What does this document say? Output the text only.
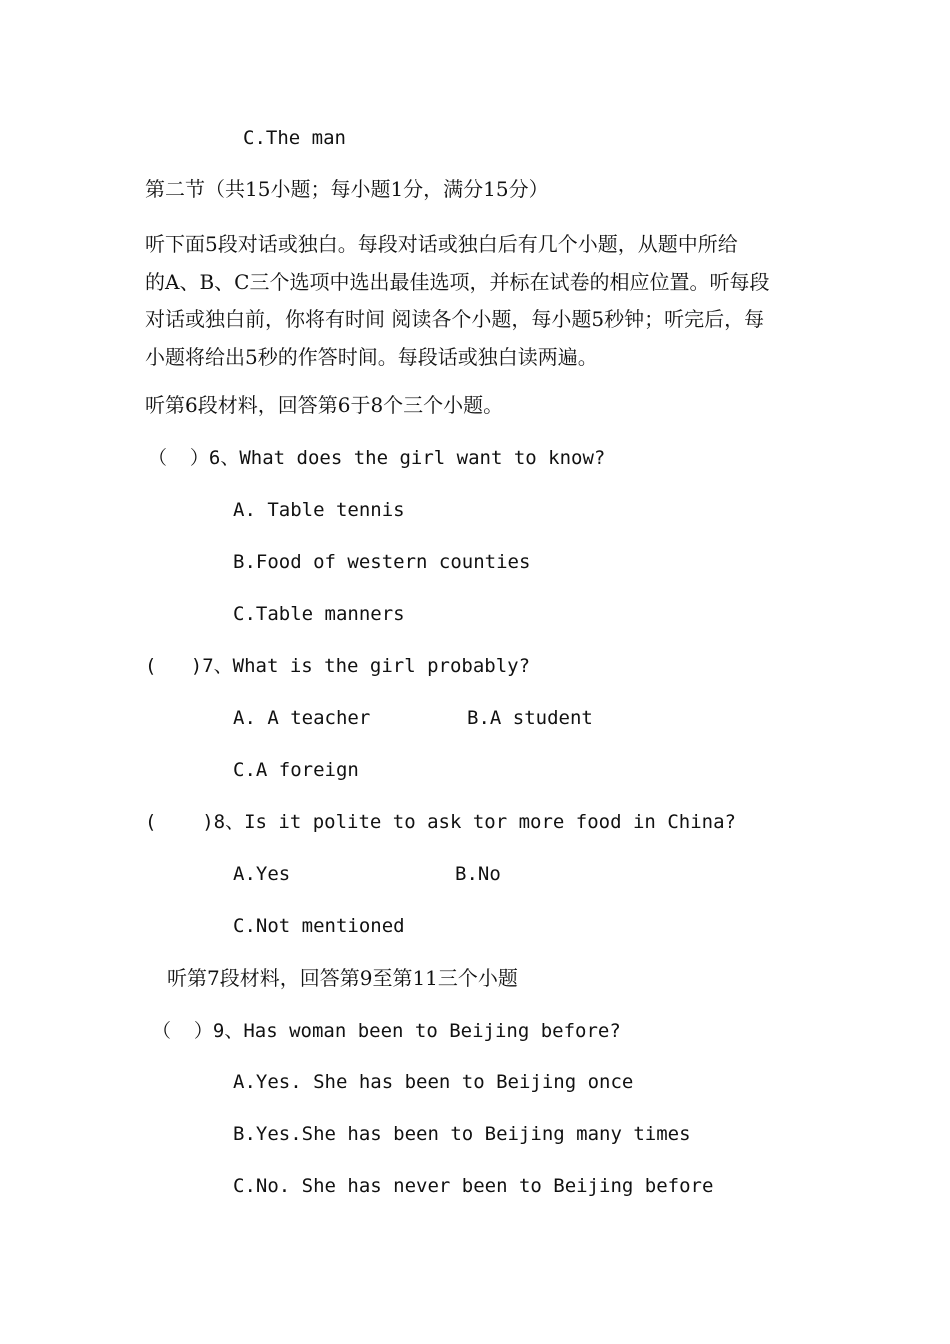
C.The man
第二节（共15小题；每小题1分，满分15分）
听下面5段对话或独白。每段对话或独白后有几个小题，从题中所给
的A、B、C三个选项中选出最佳选项，并标在试卷的相应位置。听每段
对话或独白前，你将有时间 阅读各个小题，每小题5秒钟；听完后，每
小题将给出5秒的作答时间。每段话或独白读两遍。
听第6段材料，回答第6于8个三个小题。
（  ）6、What does the girl want to know?
A. Table tennis
B.Food of western counties
C.Table manners
(   )7、What is the girl probably?
A. A teacher	B.A student
C.A foreign
(    )8、Is it polite to ask tor more food in China?
A.Yes	B.No
C.Not mentioned
听第7段材料，回答第9至第11三个小题
（  ）9、Has woman been to Beijing before?
A.Yes. She has been to Beijing once
B.Yes.She has been to Beijing many times
C.No. She has never been to Beijing before
